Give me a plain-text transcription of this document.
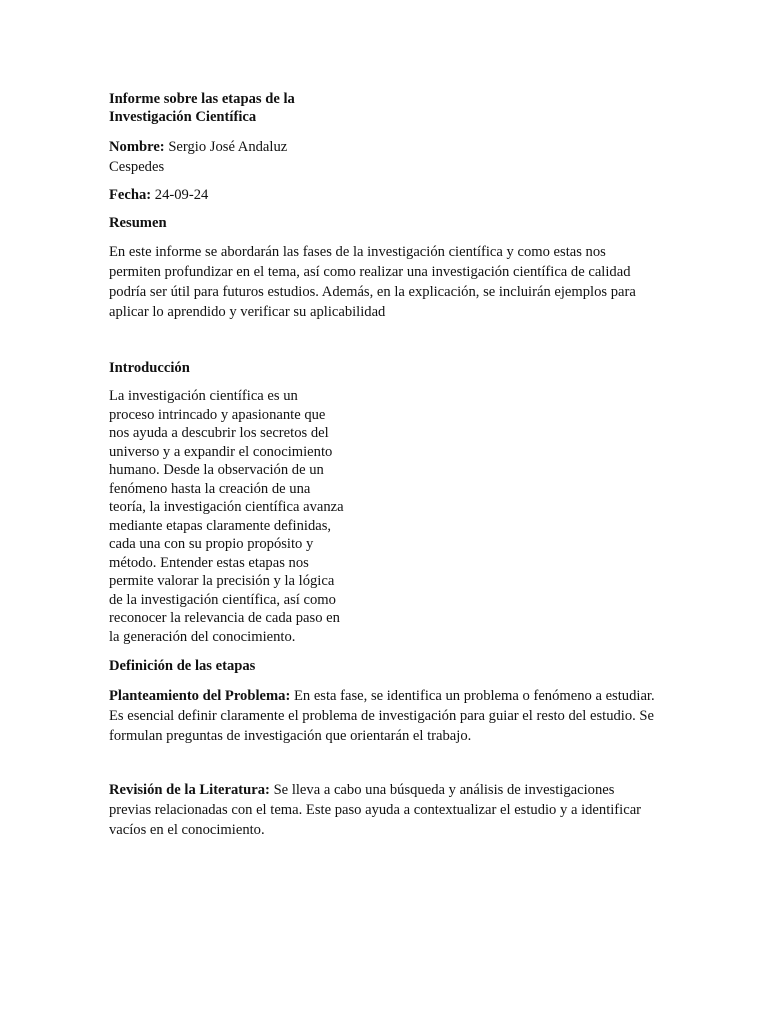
Informe sobre las etapas de la Investigación Científica
Nombre: Sergio José Andaluz Cespedes
Fecha: 24-09-24
Resumen

En este informe se abordarán las fases de la investigación científica y como estas nos permiten profundizar en el tema, así como realizar una investigación científica de calidad podría ser útil para futuros estudios. Además, en la explicación, se incluirán ejemplos para aplicar lo aprendido y verificar su aplicabilidad

Introducción

La investigación científica es un proceso intrincado y apasionante que nos ayuda a descubrir los secretos del universo y a expandir el conocimiento humano. Desde la observación de un fenómeno hasta la creación de una teoría, la investigación científica avanza mediante etapas claramente definidas, cada una con su propio propósito y método. Entender estas etapas nos permite valorar la precisión y la lógica de la investigación científica, así como reconocer la relevancia de cada paso en la generación del conocimiento.

Definición de las etapas

Planteamiento del Problema: En esta fase, se identifica un problema o fenómeno a estudiar. Es esencial definir claramente el problema de investigación para guiar el resto del estudio. Se formulan preguntas de investigación que orientarán el trabajo.

Revisión de la Literatura: Se lleva a cabo una búsqueda y análisis de investigaciones previas relacionadas con el tema. Este paso ayuda a contextualizar el estudio y a identificar vacíos en el conocimiento.
